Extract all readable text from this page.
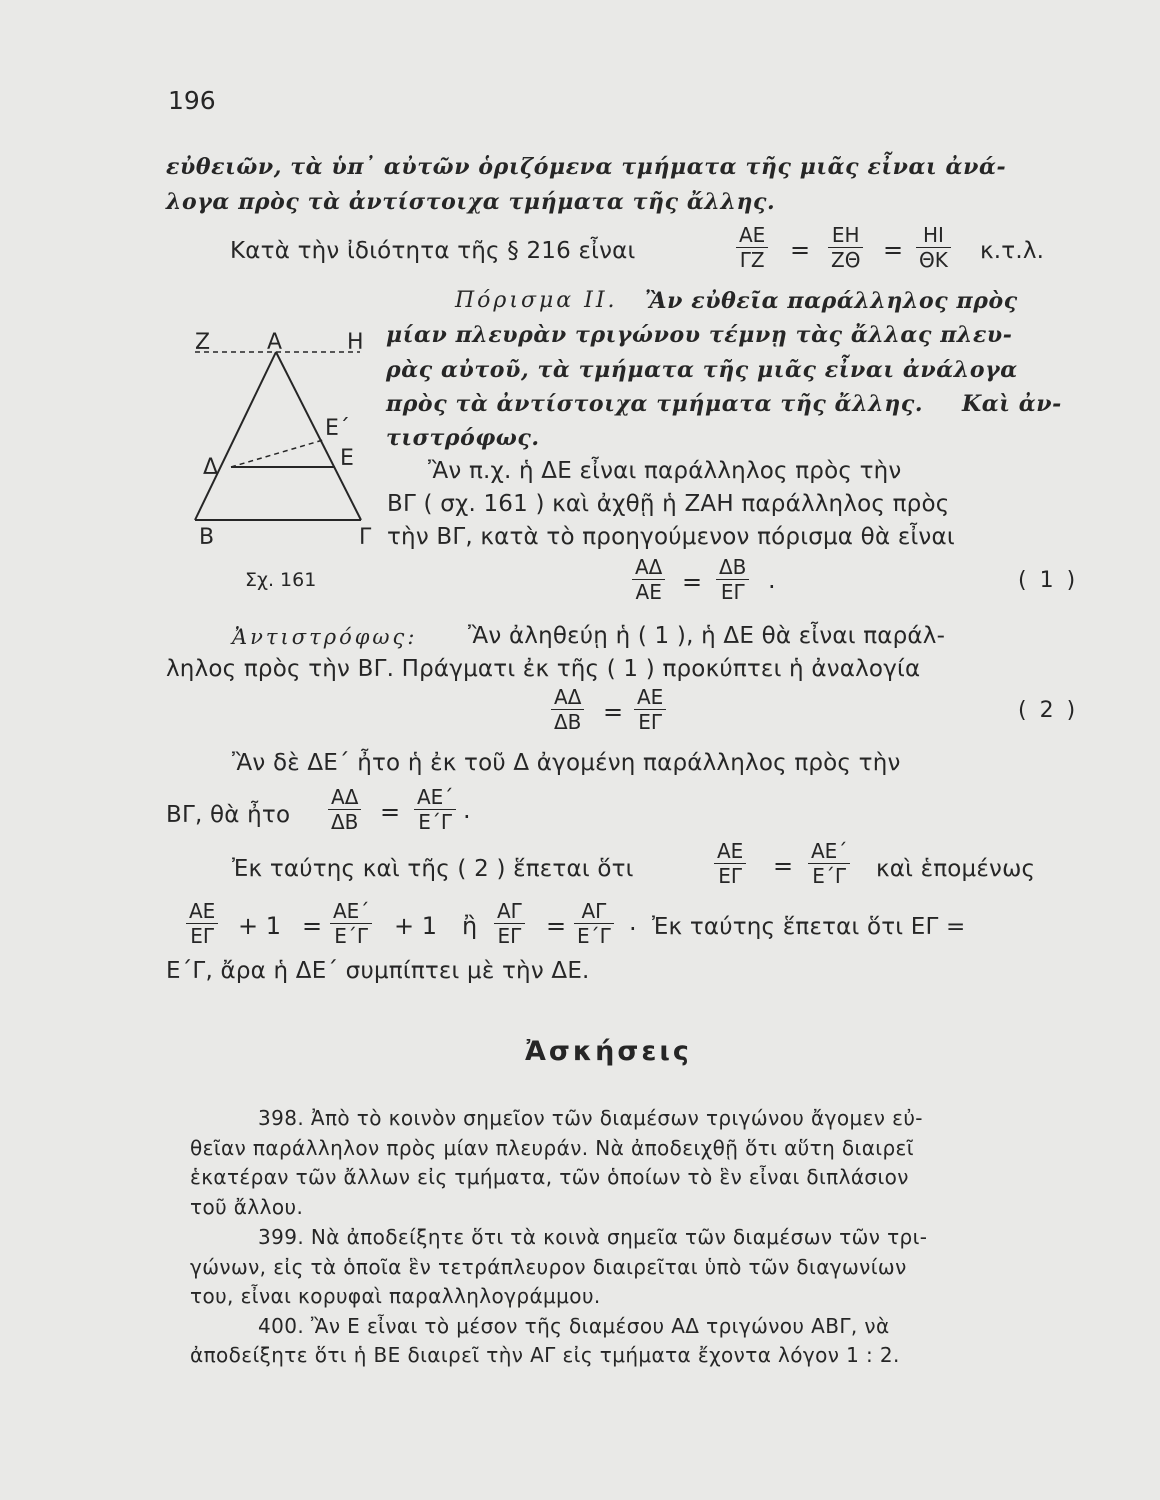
196
εὐθειῶν, τὰ ὑπ᾽ αὐτῶν ὁριζόμενα τμήματα τῆς μιᾶς εἶναι ἀνά-
λογα πρὸς τὰ ἀντίστοιχα τμήματα τῆς ἄλλης.
Κατὰ τὴν ἰδιότητα τῆς § 216 εἶναι
ΑΕ
ΓΖ =
ΕΗ
ΖΘ =
ΗΙ
ΘΚ κ.τ.λ.
Πόρισμα ΙΙ. Ἂν εὐθεῖα παράλληλος πρὸς
μίαν πλευρὰν τριγώνου τέμνῃ τὰς ἄλλας πλευ-
ρὰς αὐτοῦ, τὰ τμήματα τῆς μιᾶς εἶναι ἀνάλογα
πρὸς τὰ ἀντίστοιχα τμήματα τῆς ἄλλης. Καὶ ἀν-
τιστρόφως.
Ζ	Α	Η
Ε΄
Δ	Ε
Β	Γ
Σχ. 161
Ἂν π.χ. ἡ ΔΕ εἶναι παράλληλος πρὸς τὴν
ΒΓ ( σχ. 161 ) καὶ ἀχθῇ ἡ ΖΑΗ παράλληλος πρὸς
τὴν ΒΓ, κατὰ τὸ προηγούμενον πόρισμα θὰ εἶναι
ΑΔ
ΑΕ =
ΔΒ
ΕΓ .	( 1 )
Ἀντιστρόφως: Ἂν ἀληθεύῃ ἡ ( 1 ), ἡ ΔΕ θὰ εἶναι παράλ-
ληλος πρὸς τὴν ΒΓ. Πράγματι ἐκ τῆς ( 1 ) προκύπτει ἡ ἀναλογία
ΑΔ
ΔΒ =
ΑΕ
ΕΓ	( 2 )
Ἂν δὲ ΔΕ΄ ἦτο ἡ ἐκ τοῦ Δ ἀγομένη παράλληλος πρὸς τὴν
ΒΓ, θὰ ἦτο
ΑΔ
ΔΒ =
ΑΕ΄
Ε΄Γ .
Ἐκ ταύτης καὶ τῆς ( 2 ) ἕπεται ὅτι
ΑΕ
ΕΓ =
ΑΕ΄
Ε΄Γ καὶ ἑπομένως
ΑΕ
ΕΓ + 1 =
ΑΕ΄
Ε΄Γ + 1 ἢ
ΑΓ
ΕΓ =
ΑΓ
Ε΄Γ . Ἐκ ταύτης ἕπεται ὅτι ΕΓ =
Ε΄Γ, ἄρα ἡ ΔΕ΄ συμπίπτει μὲ τὴν ΔΕ.
Ἀσκήσεις
398. Ἀπὸ τὸ κοινὸν σημεῖον τῶν διαμέσων τριγώνου ἄγομεν εὐ-
θεῖαν παράλληλον πρὸς μίαν πλευράν. Νὰ ἀποδειχθῇ ὅτι αὕτη διαιρεῖ
ἑκατέραν τῶν ἄλλων εἰς τμήματα, τῶν ὁποίων τὸ ἓν εἶναι διπλάσιον
τοῦ ἄλλου.
399. Νὰ ἀποδείξητε ὅτι τὰ κοινὰ σημεῖα τῶν διαμέσων τῶν τρι-
γώνων, εἰς τὰ ὁποῖα ἓν τετράπλευρον διαιρεῖται ὑπὸ τῶν διαγωνίων
του, εἶναι κορυφαὶ παραλληλογράμμου.
400. Ἂν Ε εἶναι τὸ μέσον τῆς διαμέσου ΑΔ τριγώνου ΑΒΓ, νὰ
ἀποδείξητε ὅτι ἡ ΒΕ διαιρεῖ τὴν ΑΓ εἰς τμήματα ἔχοντα λόγον 1 : 2.
